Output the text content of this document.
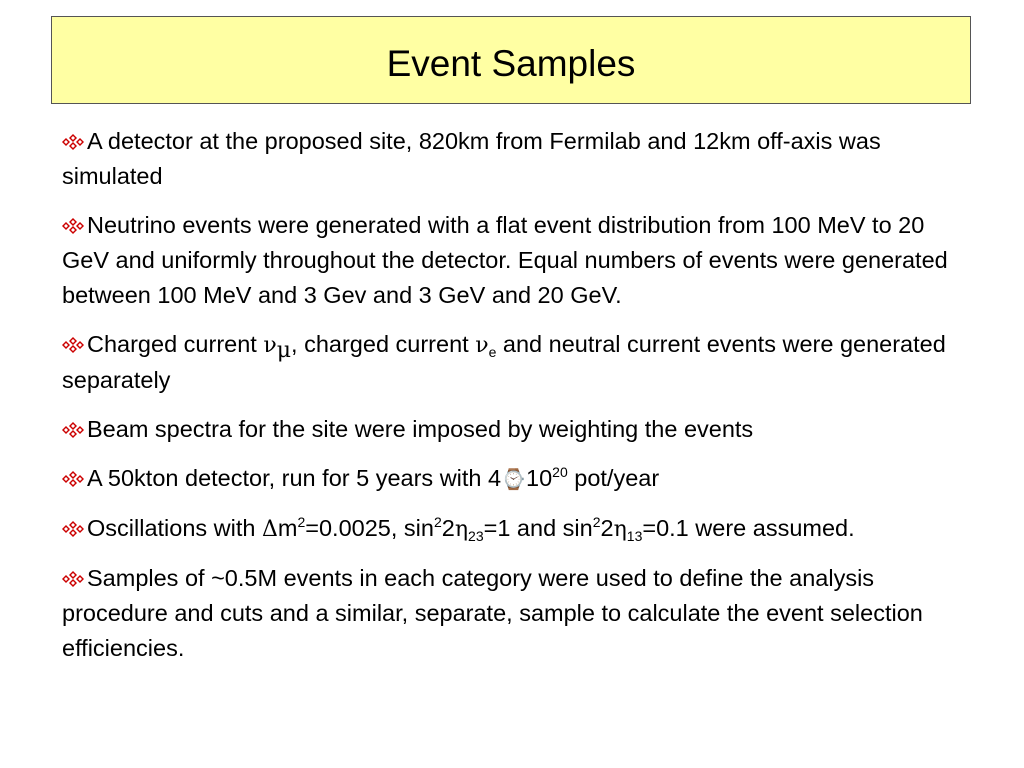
Event Samples

A detector at the proposed site, 820km from Fermilab and 12km off-axis was simulated

Neutrino events were generated with a flat event distribution from 100 MeV to 20 GeV and uniformly throughout the detector. Equal numbers of events were generated between 100 MeV and 3 Gev and 3 GeV and 20 GeV.

Charged current $\nu_\mu$, charged current $\nu_e$ and neutral current events were generated separately

Beam spectra for the site were imposed by weighting the events

A 50kton detector, run for 5 years with $4⌚10^{20}$ pot/year

Oscillations with $\Delta m^2=0.0025$, $\sin^22\eta_{23}=1$ and $\sin^22\eta_{13}=0.1$ were assumed.

Samples of ~0.5M events in each category were used to define the analysis procedure and cuts and a similar, separate, sample to calculate the event selection efficiencies.
